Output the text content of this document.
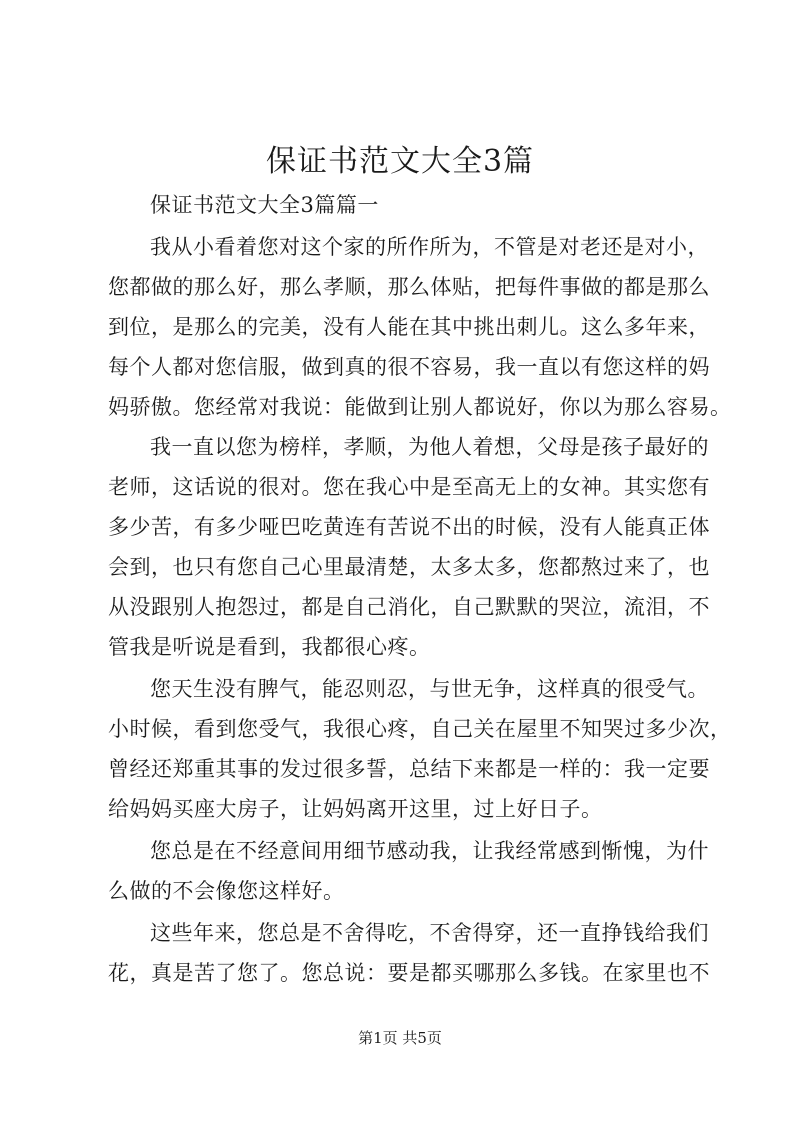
保证书范文大全3篇
保证书范文大全3篇篇一
我从小看着您对这个家的所作所为，不管是对老还是对小，
您都做的那么好，那么孝顺，那么体贴，把每件事做的都是那么
到位，是那么的完美，没有人能在其中挑出刺儿。这么多年来，
每个人都对您信服，做到真的很不容易，我一直以有您这样的妈
妈骄傲。您经常对我说：能做到让别人都说好，你以为那么容易。
我一直以您为榜样，孝顺，为他人着想，父母是孩子最好的
老师，这话说的很对。您在我心中是至高无上的女神。其实您有
多少苦，有多少哑巴吃黄连有苦说不出的时候，没有人能真正体
会到，也只有您自己心里最清楚，太多太多，您都熬过来了，也
从没跟别人抱怨过，都是自己消化，自己默默的哭泣，流泪，不
管我是听说是看到，我都很心疼。
您天生没有脾气，能忍则忍，与世无争，这样真的很受气。
小时候，看到您受气，我很心疼，自己关在屋里不知哭过多少次，
曾经还郑重其事的发过很多誓，总结下来都是一样的：我一定要
给妈妈买座大房子，让妈妈离开这里，过上好日子。
您总是在不经意间用细节感动我，让我经常感到惭愧，为什
么做的不会像您这样好。
这些年来，您总是不舍得吃，不舍得穿，还一直挣钱给我们
花，真是苦了您了。您总说：要是都买哪那么多钱。在家里也不
第1页 共5页
